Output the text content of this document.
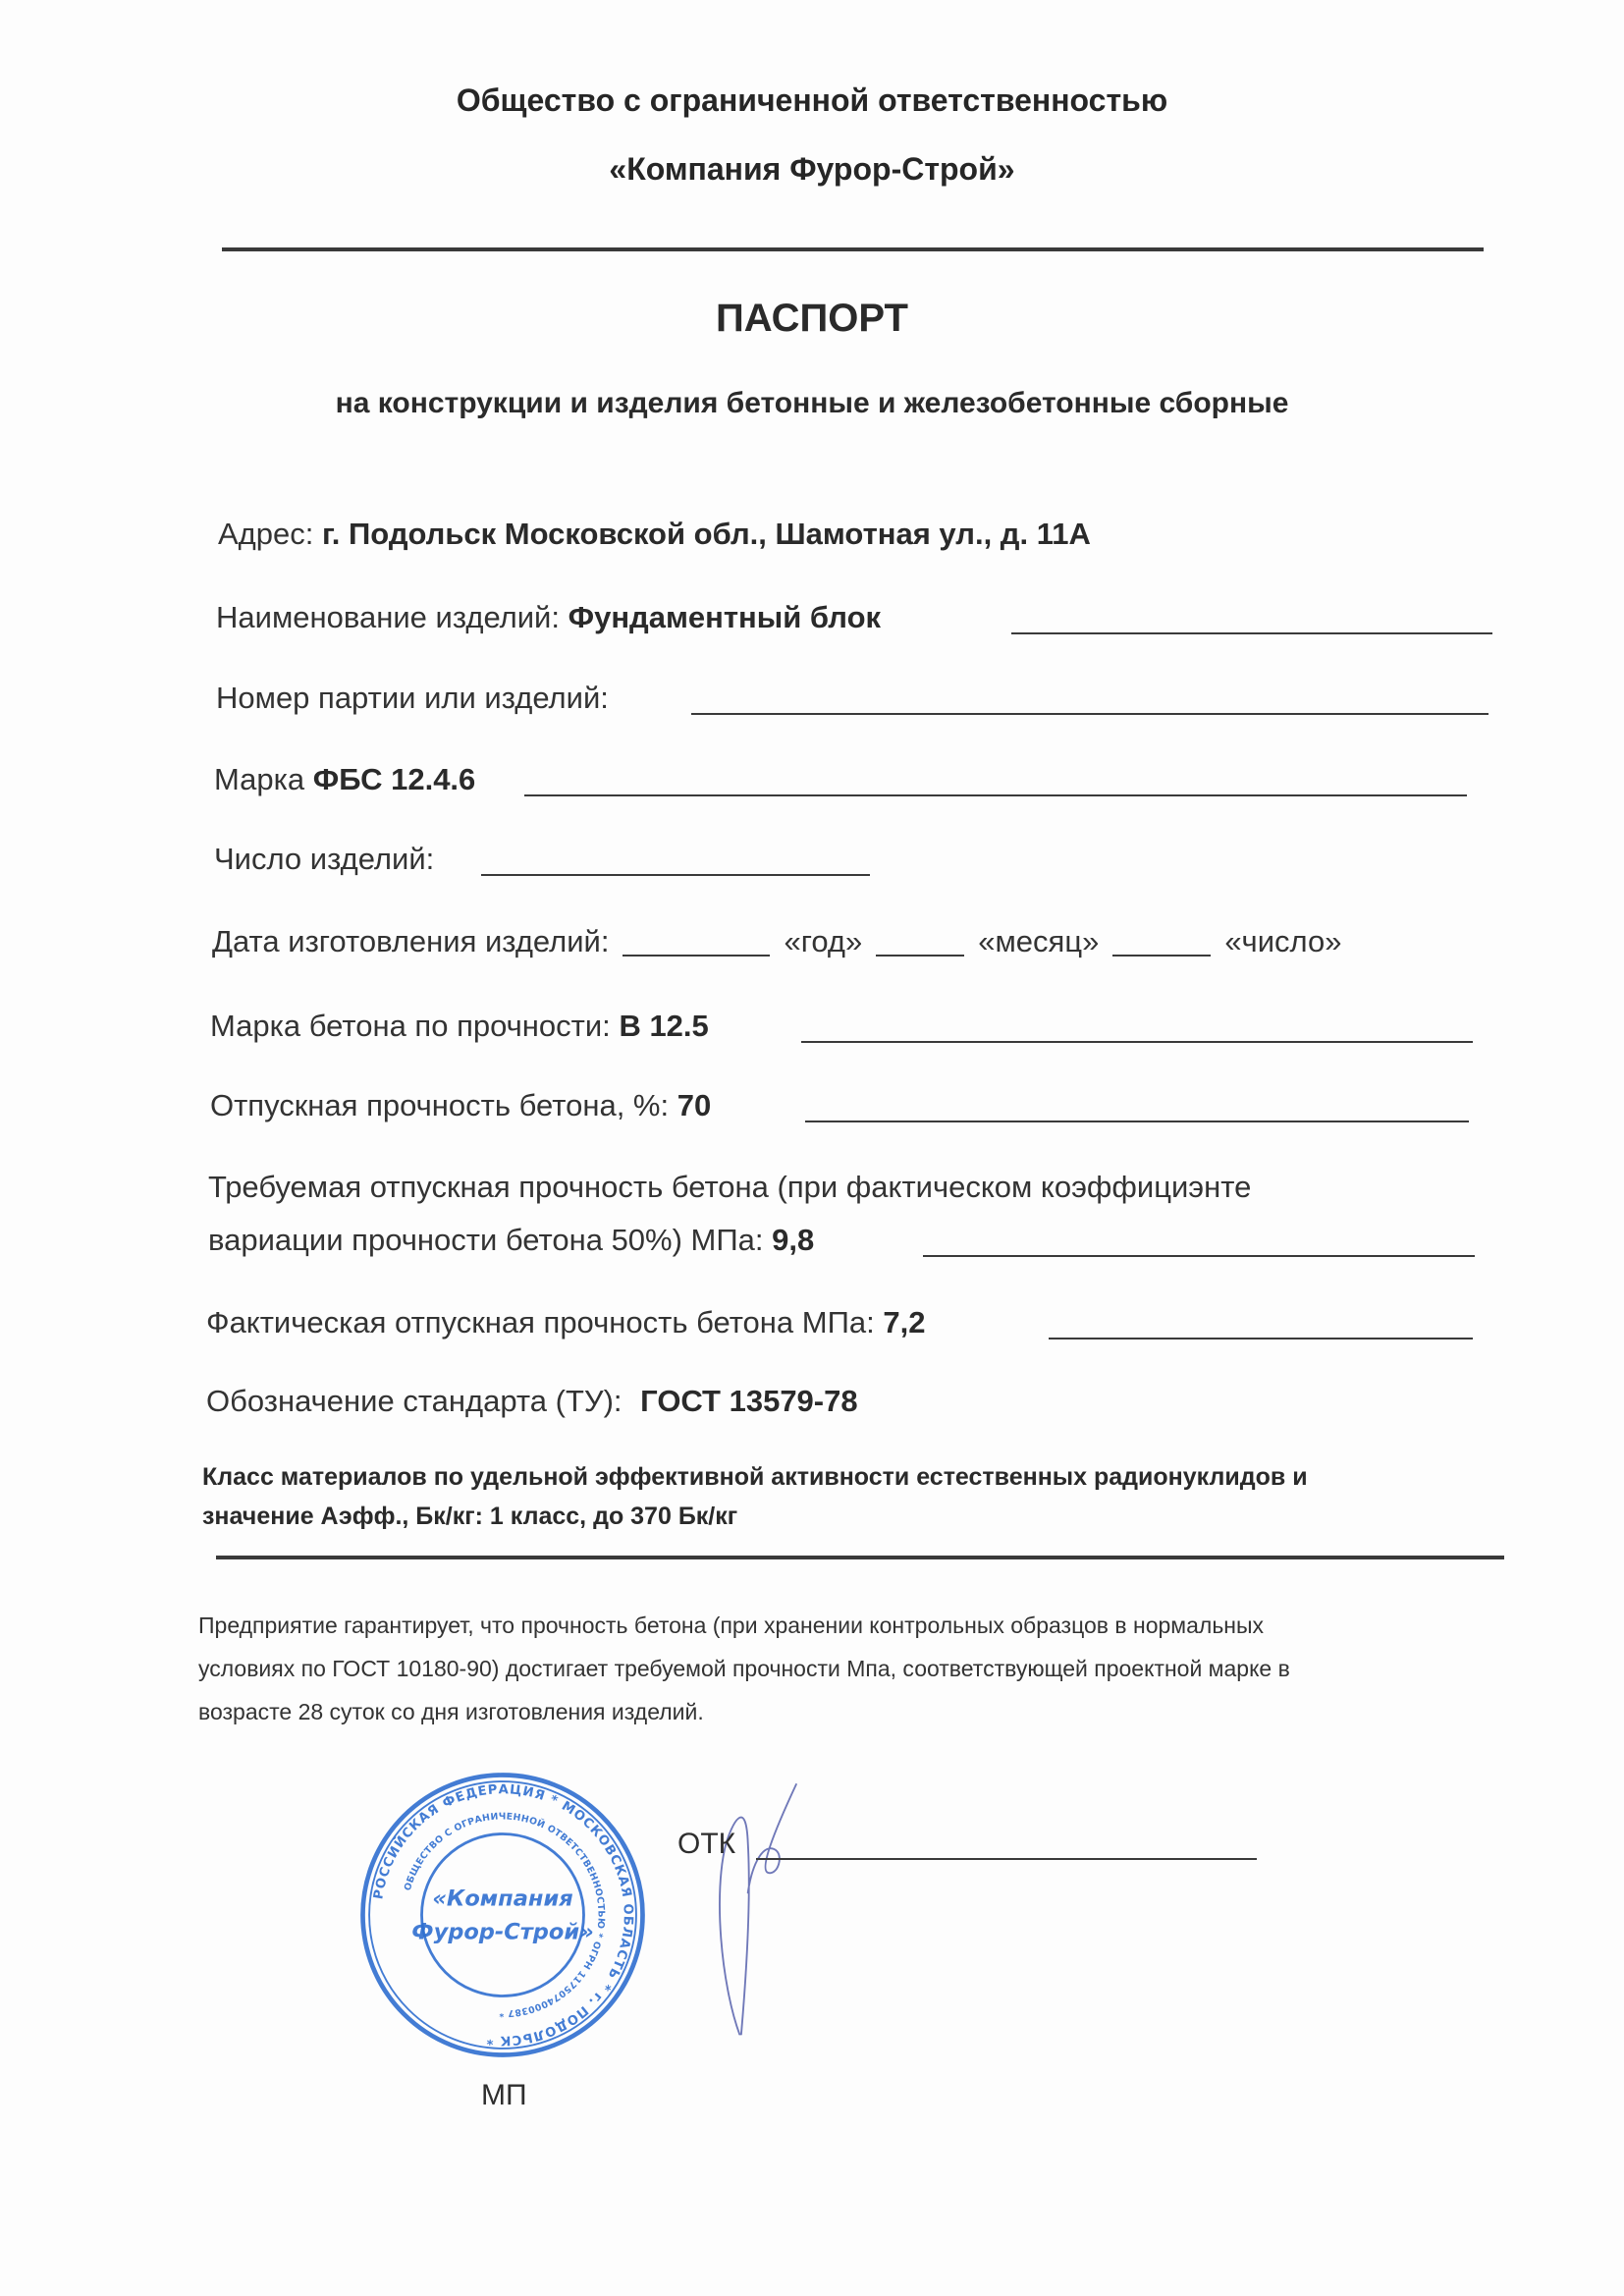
Общество с ограниченной ответственностью
«Компания Фурор-Строй»
ПАСПОРТ
на конструкции и изделия бетонные и железобетонные сборные
Адрес: г. Подольск Московской обл., Шамотная ул., д. 11А
Наименование изделий: Фундаментный блок
Номер партии или изделий:
Марка ФБС 12.4.6
Число изделий:
Дата изготовления изделий:	«год»	«месяц»	«число»
Марка бетона по прочности: В 12.5
Отпускная прочность бетона, %: 70
Требуемая отпускная прочность бетона (при фактическом коэффициэнте
вариации прочности бетона 50%) МПа: 9,8
Фактическая отпускная прочность бетона МПа: 7,2
Обозначение стандарта (ТУ): ГОСТ 13579-78
Класс материалов по удельной эффективной активности естественных радионуклидов и
значение Аэфф., Бк/кг: 1 класс, до 370 Бк/кг
Предприятие гарантирует, что прочность бетона (при хранении контрольных образцов в нормальных
условиях по ГОСТ 10180-90) достигает требуемой прочности Мпа, соответствующей проектной марке в
возрасте 28 суток со дня изготовления изделий.
РОССИЙСКАЯ ФЕДЕРАЦИЯ * МОСКОВСКАЯ ОБЛАСТЬ * г. ПОДОЛЬСК *
ОБЩЕСТВО С ОГРАНИЧЕННОЙ ОТВЕТСТВЕННОСТЬЮ * ОГРН 1175074000387 *
«Компания
Фурор-Строй»
ОТК
МП
